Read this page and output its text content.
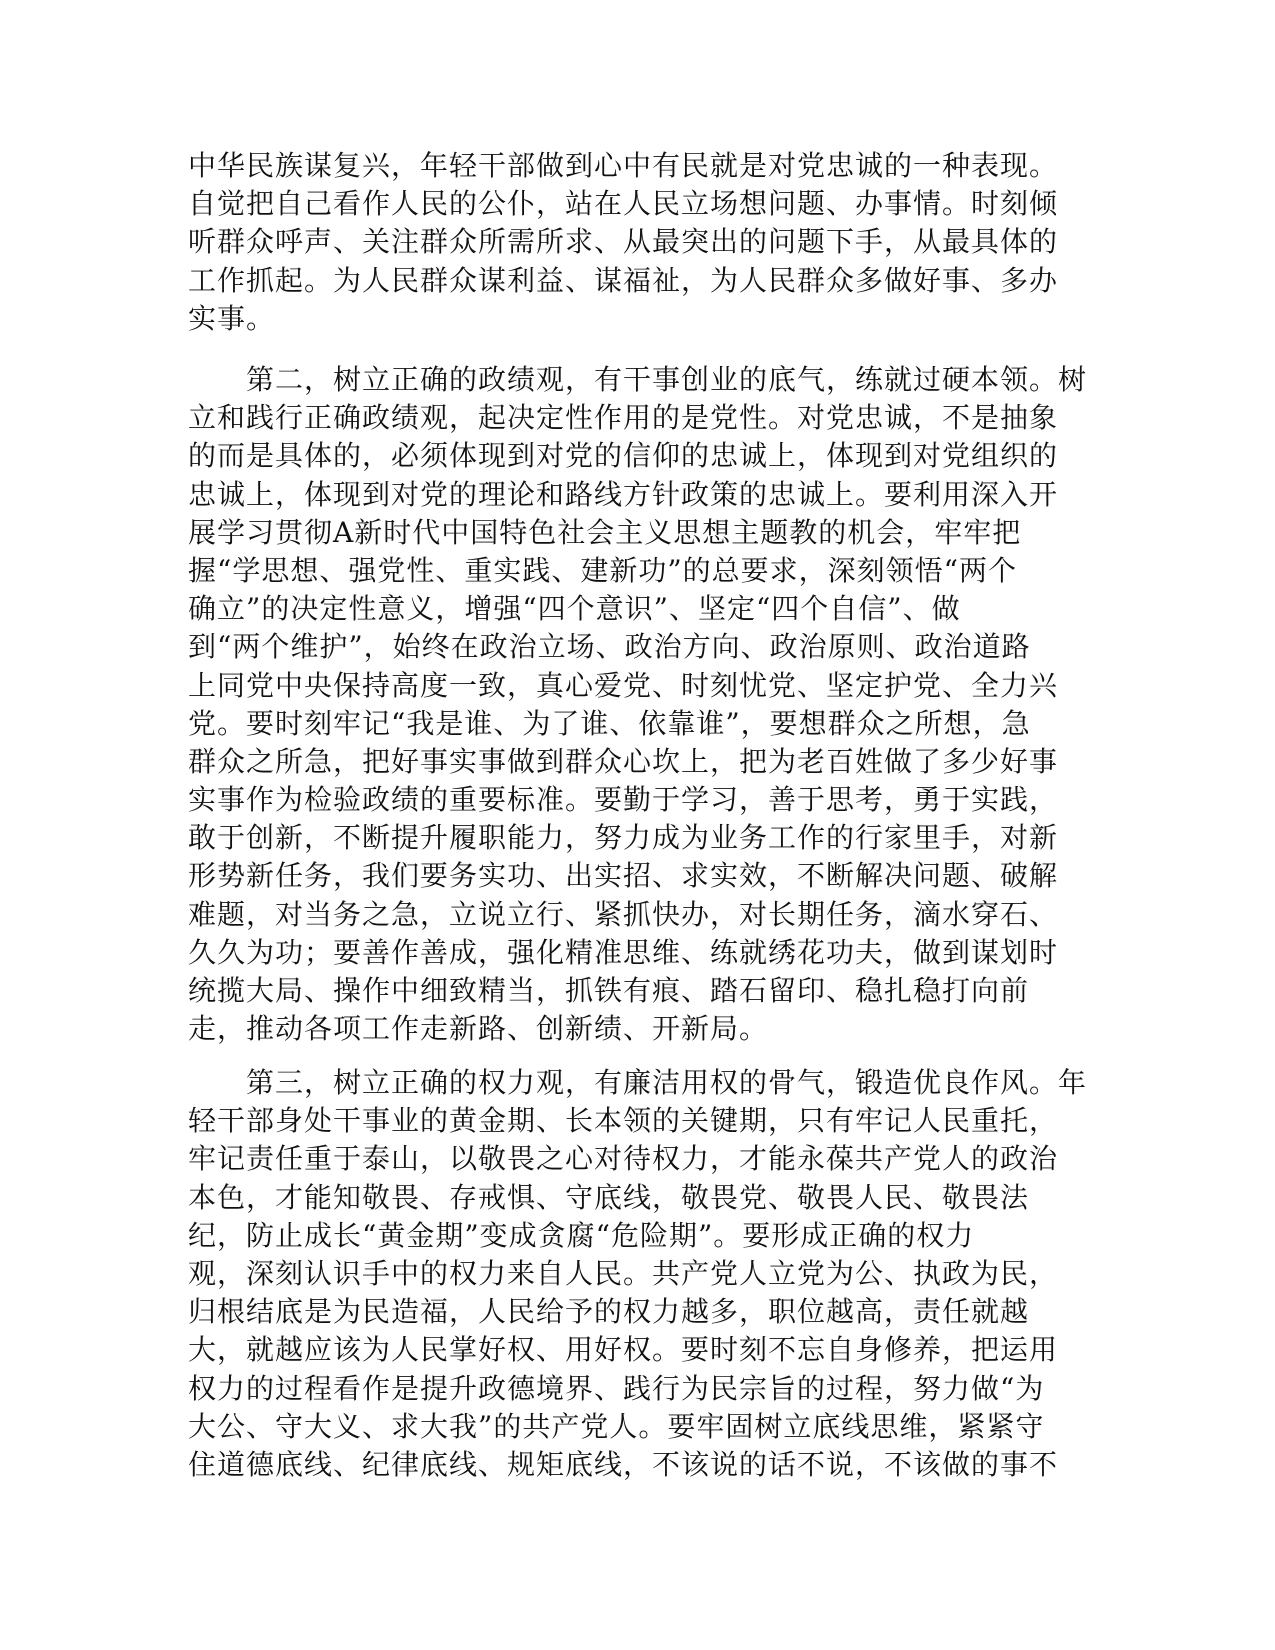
中华民族谋复兴，年轻干部做到心中有民就是对党忠诚的一种表现。
自觉把自己看作人民的公仆，站在人民立场想问题、办事情。时刻倾
听群众呼声、关注群众所需所求、从最突出的问题下手，从最具体的
工作抓起。为人民群众谋利益、谋福祉，为人民群众多做好事、多办
实事。
　　第二，树立正确的政绩观，有干事创业的底气，练就过硬本领。树
立和践行正确政绩观，起决定性作用的是党性。对党忠诚，不是抽象
的而是具体的，必须体现到对党的信仰的忠诚上，体现到对党组织的
忠诚上，体现到对党的理论和路线方针政策的忠诚上。要利用深入开
展学习贯彻A新时代中国特色社会主义思想主题教的机会，牢牢把
握“学思想、强党性、重实践、建新功”的总要求，深刻领悟“两个
确立”的决定性意义，增强“四个意识”、坚定“四个自信”、做
到“两个维护”，始终在政治立场、政治方向、政治原则、政治道路
上同党中央保持高度一致，真心爱党、时刻忧党、坚定护党、全力兴
党。要时刻牢记“我是谁、为了谁、依靠谁”，要想群众之所想，急
群众之所急，把好事实事做到群众心坎上，把为老百姓做了多少好事
实事作为检验政绩的重要标准。要勤于学习，善于思考，勇于实践，
敢于创新，不断提升履职能力，努力成为业务工作的行家里手，对新
形势新任务，我们要务实功、出实招、求实效，不断解决问题、破解
难题，对当务之急，立说立行、紧抓快办，对长期任务，滴水穿石、
久久为功；要善作善成，强化精准思维、练就绣花功夫，做到谋划时
统揽大局、操作中细致精当，抓铁有痕、踏石留印、稳扎稳打向前
走，推动各项工作走新路、创新绩、开新局。
　　第三，树立正确的权力观，有廉洁用权的骨气，锻造优良作风。年
轻干部身处干事业的黄金期、长本领的关键期，只有牢记人民重托，
牢记责任重于泰山，以敬畏之心对待权力，才能永葆共产党人的政治
本色，才能知敬畏、存戒惧、守底线，敬畏党、敬畏人民、敬畏法
纪，防止成长“黄金期”变成贪腐“危险期”。要形成正确的权力
观，深刻认识手中的权力来自人民。共产党人立党为公、执政为民，
归根结底是为民造福，人民给予的权力越多，职位越高，责任就越
大，就越应该为人民掌好权、用好权。要时刻不忘自身修养，把运用
权力的过程看作是提升政德境界、践行为民宗旨的过程，努力做“为
大公、守大义、求大我”的共产党人。要牢固树立底线思维，紧紧守
住道德底线、纪律底线、规矩底线，不该说的话不说，不该做的事不
